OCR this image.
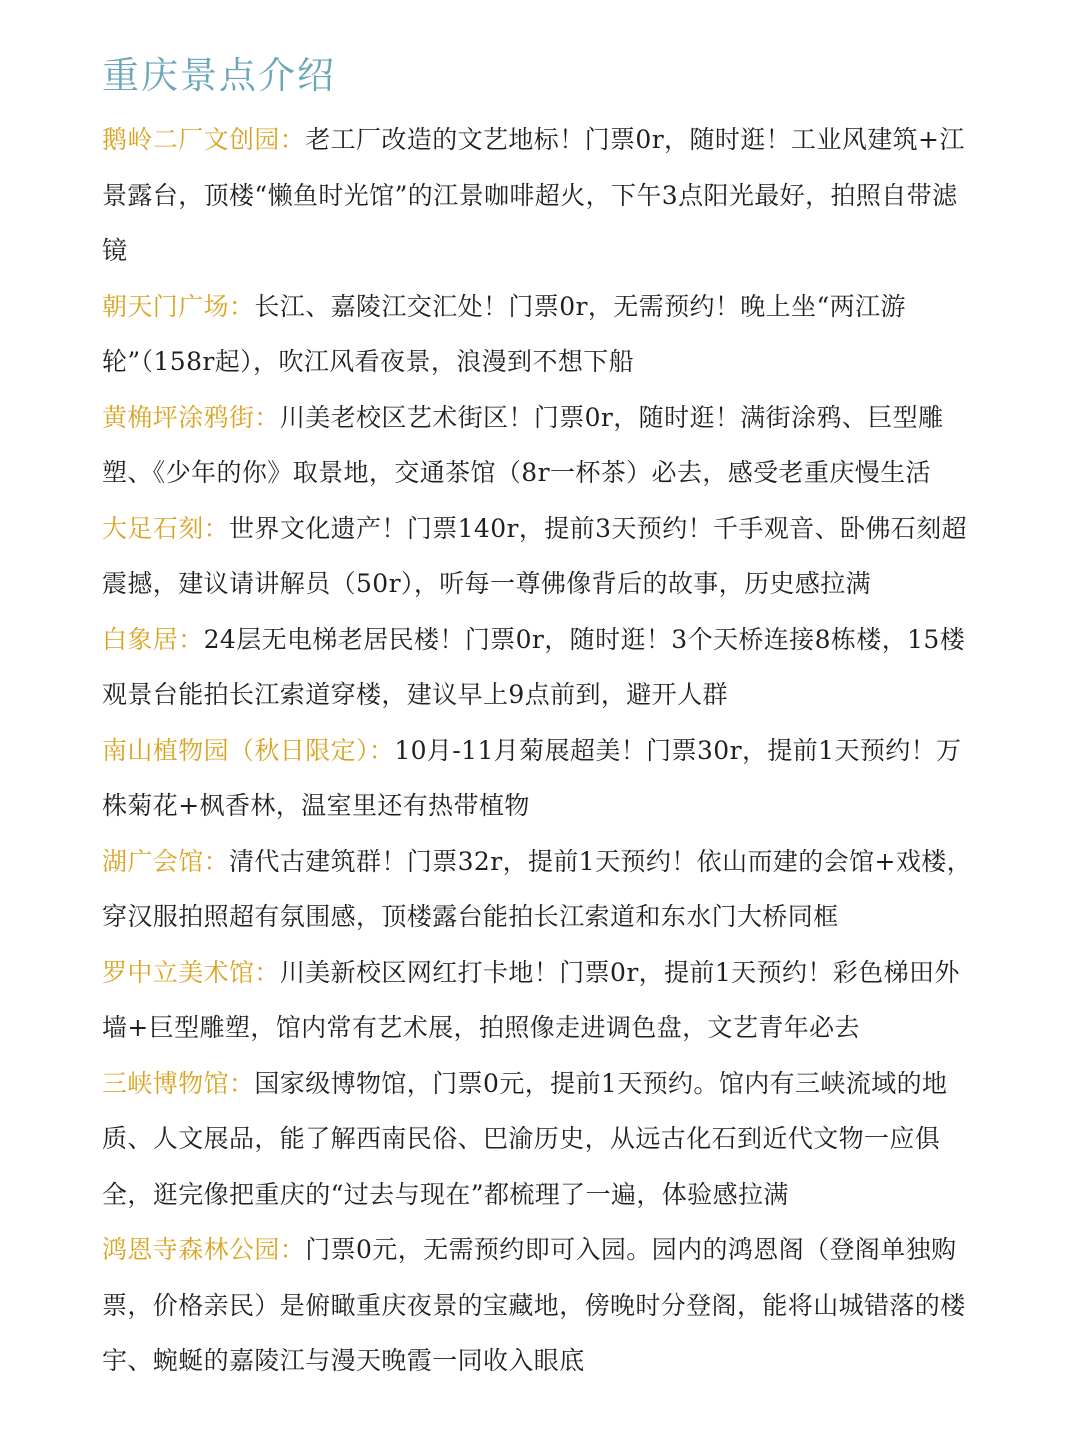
重庆景点介绍
鹅岭二厂文创园：老工厂改造的文艺地标！门票0r，随时逛！工业风建筑+江景露台，顶楼“懒鱼时光馆”的江景咖啡超火，下午3点阳光最好，拍照自带滤镜
朝天门广场：长江、嘉陵江交汇处！门票0r，无需预约！晚上坐“两江游轮”（158r起），吹江风看夜景，浪漫到不想下船
黄桷坪涂鸦街：川美老校区艺术街区！门票0r，随时逛！满街涂鸦、巨型雕塑、《少年的你》取景地，交通茶馆（8r一杯茶）必去，感受老重庆慢生活
大足石刻：世界文化遗产！门票140r，提前3天预约！千手观音、卧佛石刻超震撼，建议请讲解员（50r），听每一尊佛像背后的故事，历史感拉满
白象居：24层无电梯老居民楼！门票0r，随时逛！3个天桥连接8栋楼，15楼观景台能拍长江索道穿楼，建议早上9点前到，避开人群
南山植物园（秋日限定）：10月-11月菊展超美！门票30r，提前1天预约！万株菊花+枫香林，温室里还有热带植物
湖广会馆：清代古建筑群！门票32r，提前1天预约！依山而建的会馆+戏楼，穿汉服拍照超有氛围感，顶楼露台能拍长江索道和东水门大桥同框
罗中立美术馆：川美新校区网红打卡地！门票0r，提前1天预约！彩色梯田外墙+巨型雕塑，馆内常有艺术展，拍照像走进调色盘，文艺青年必去
三峡博物馆：国家级博物馆，门票0元，提前1天预约。馆内有三峡流域的地质、人文展品，能了解西南民俗、巴渝历史，从远古化石到近代文物一应俱全，逛完像把重庆的“过去与现在”都梳理了一遍，体验感拉满
鸿恩寺森林公园：门票0元，无需预约即可入园。园内的鸿恩阁（登阁单独购票，价格亲民）是俯瞰重庆夜景的宝藏地，傍晚时分登阁，能将山城错落的楼宇、蜿蜒的嘉陵江与漫天晚霞一同收入眼底
